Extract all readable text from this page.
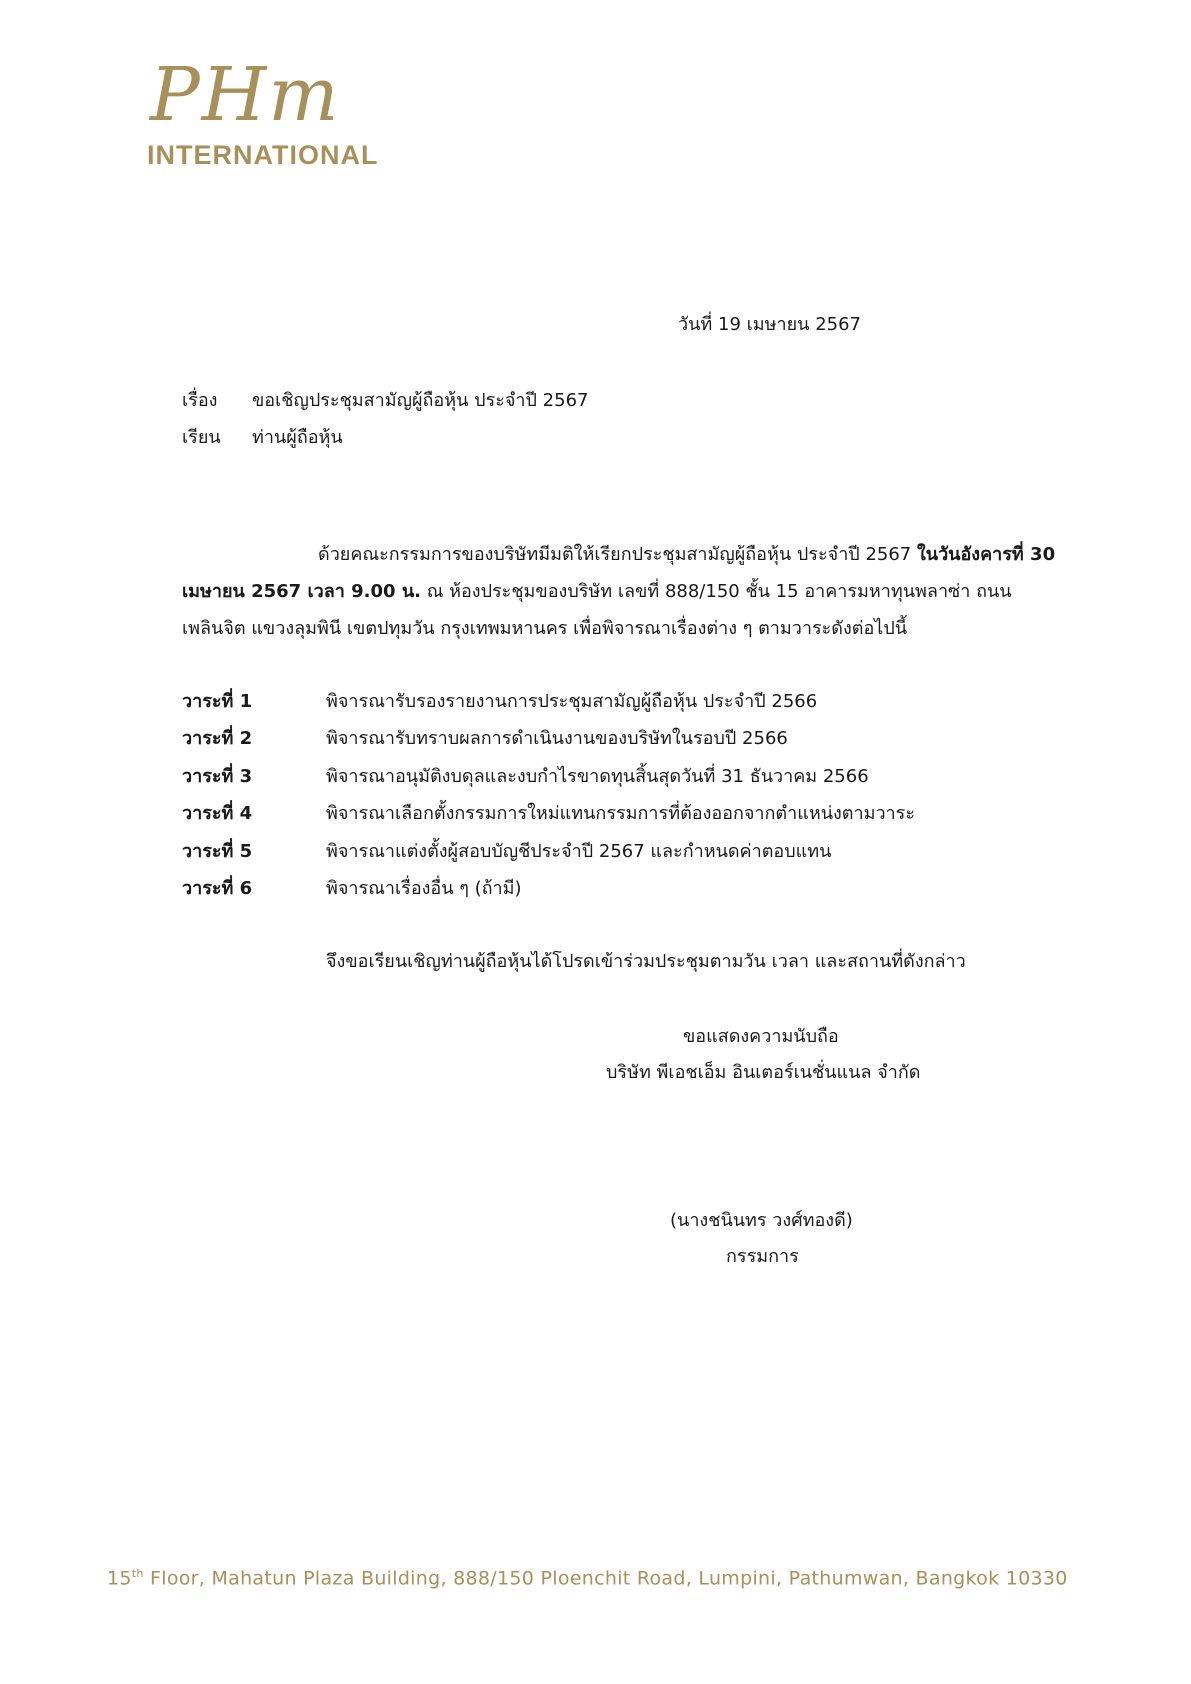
PHm
INTERNATIONAL
วันที่ 19 เมษายน 2567
เรื่อง ขอเชิญประชุมสามัญผู้ถือหุ้น ประจำปี 2567
เรียน ท่านผู้ถือหุ้น
ด้วยคณะกรรมการของบริษัทมีมติให้เรียกประชุมสามัญผู้ถือหุ้น ประจำปี 2567 ในวันอังคารที่ 30 เมษายน 2567 เวลา 9.00 น. ณ ห้องประชุมของบริษัท เลขที่ 888/150 ชั้น 15 อาคารมหาทุนพลาซ่า ถนนเพลินจิต แขวงลุมพินี เขตปทุมวัน กรุงเทพมหานคร เพื่อพิจารณาเรื่องต่าง ๆ ตามวาระดังต่อไปนี้
วาระที่ 1	พิจารณารับรองรายงานการประชุมสามัญผู้ถือหุ้น ประจำปี 2566
วาระที่ 2	พิจารณารับทราบผลการดำเนินงานของบริษัทในรอบปี 2566
วาระที่ 3	พิจารณาอนุมัติงบดุลและงบกำไรขาดทุนสิ้นสุดวันที่ 31 ธันวาคม 2566
วาระที่ 4	พิจารณาเลือกตั้งกรรมการใหม่แทนกรรมการที่ต้องออกจากตำแหน่งตามวาระ
วาระที่ 5	พิจารณาแต่งตั้งผู้สอบบัญชีประจำปี 2567 และกำหนดค่าตอบแทน
วาระที่ 6	พิจารณาเรื่องอื่น ๆ (ถ้ามี)
จึงขอเรียนเชิญท่านผู้ถือหุ้นได้โปรดเข้าร่วมประชุมตามวัน เวลา และสถานที่ดังกล่าว
ขอแสดงความนับถือ
บริษัท พีเอชเอ็ม อินเตอร์เนชั่นแนล จำกัด
(นางชนินทร วงศ์ทองดี)
กรรมการ
15th Floor, Mahatun Plaza Building, 888/150 Ploenchit Road, Lumpini, Pathumwan, Bangkok 10330
